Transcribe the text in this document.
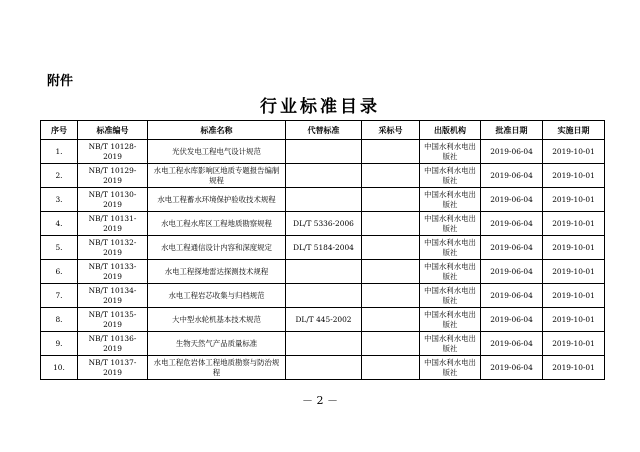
附件
行业标准目录
序号	标准编号	标准名称	代替标准	采标号	出版机构	批准日期	实施日期
1.	NB/T 10128-2019	光伏发电工程电气设计规范			中国水利水电出版社	2019-06-04	2019-10-01
2.	NB/T 10129-2019	水电工程水库影响区地质专题报告编制规程			中国水利水电出版社	2019-06-04	2019-10-01
3.	NB/T 10130-2019	水电工程蓄水环境保护验收技术规程			中国水利水电出版社	2019-06-04	2019-10-01
4.	NB/T 10131-2019	水电工程水库区工程地质勘察规程	DL/T 5336-2006		中国水利水电出版社	2019-06-04	2019-10-01
5.	NB/T 10132-2019	水电工程通信设计内容和深度规定	DL/T 5184-2004		中国水利水电出版社	2019-06-04	2019-10-01
6.	NB/T 10133-2019	水电工程探地雷达探测技术规程			中国水利水电出版社	2019-06-04	2019-10-01
7.	NB/T 10134-2019	水电工程岩芯收集与归档规范			中国水利水电出版社	2019-06-04	2019-10-01
8.	NB/T 10135-2019	大中型水轮机基本技术规范	DL/T 445-2002		中国水利水电出版社	2019-06-04	2019-10-01
9.	NB/T 10136-2019	生物天然气产品质量标准			中国水利水电出版社	2019-06-04	2019-10-01
10.	NB/T 10137-2019	水电工程危岩体工程地质勘察与防治规程			中国水利水电出版社	2019-06-04	2019-10-01
－ 2 －
